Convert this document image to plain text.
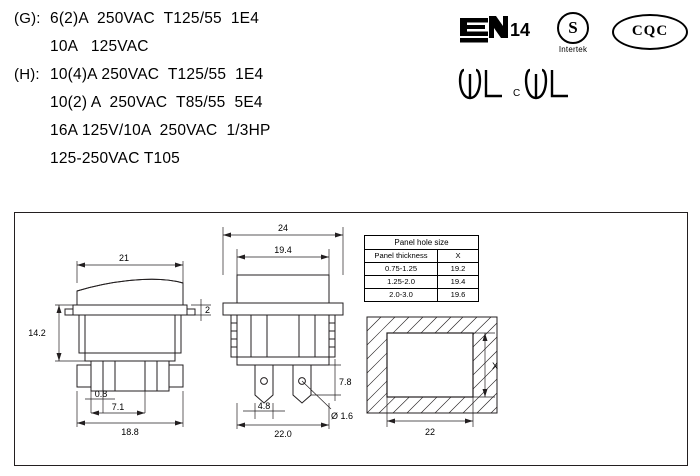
(G): 6(2)A  250VAC  T125/55  1E4
10A   125VAC
(H): 10(4)A 250VAC  T125/55  1E4
10(2) A  250VAC  T85/55  5E4
16A 125V/10A  250VAC  1/3HP
125-250VAC T105
14	S
Intertek
CQC
C
21
14.2
2
0.8
7.1
18.8
24
19.4
4.8
7.8
Ø 1.6
22.0
X
22
Panel hole size
Panel thickness	X
0.75-1.25	19.2
1.25-2.0	19.4
2.0-3.0	19.6
